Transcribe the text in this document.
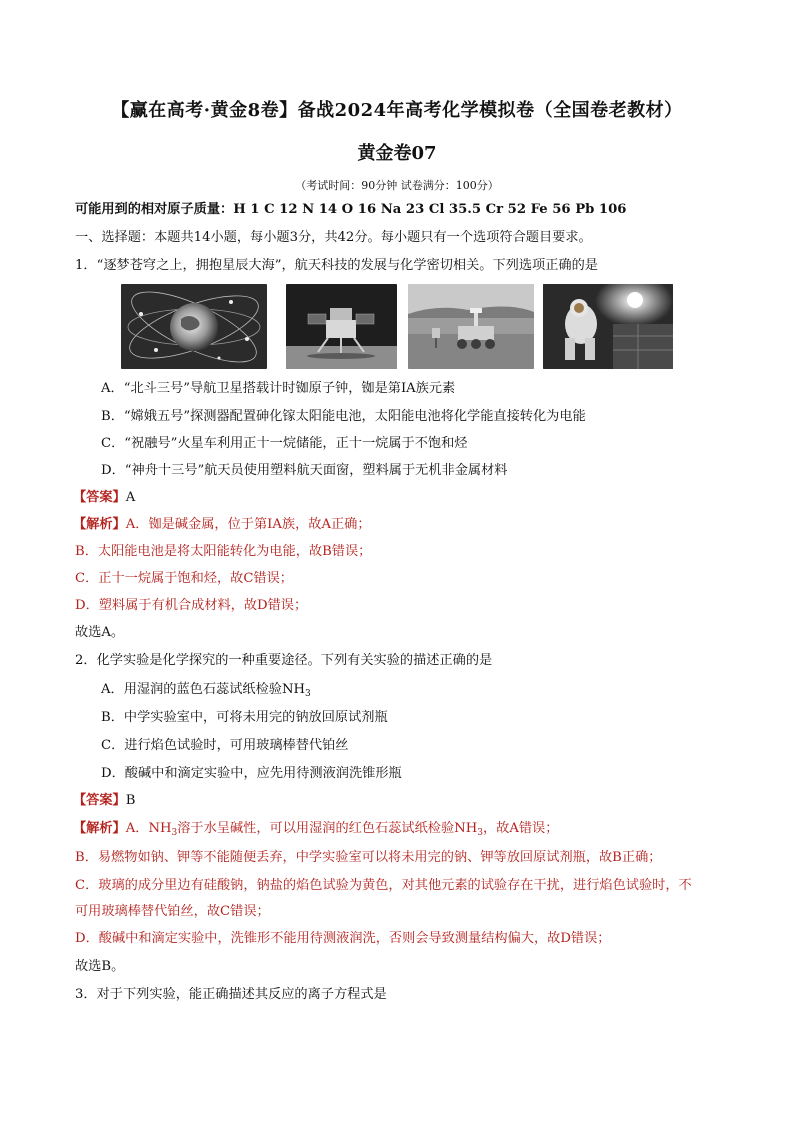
【赢在高考·黄金8卷】备战2024年高考化学模拟卷（全国卷老教材）
黄金卷07
（考试时间：90分钟 试卷满分：100分）
可能用到的相对原子质量：H 1 C 12 N 14 O 16 Na 23 Cl 35.5 Cr 52 Fe 56 Pb 106
一、选择题：本题共14小题，每小题3分，共42分。每小题只有一个选项符合题目要求。
1．“逐梦苍穹之上，拥抱星辰大海”，航天科技的发展与化学密切相关。下列选项正确的是
A．“北斗三号”导航卫星搭载计时铷原子钟，铷是第ⅠA族元素
B．“嫦娥五号”探测器配置砷化镓太阳能电池，太阳能电池将化学能直接转化为电能
C．“祝融号”火星车利用正十一烷储能，正十一烷属于不饱和烃
D．“神舟十三号”航天员使用塑料航天面窗，塑料属于无机非金属材料
【答案】A
【解析】A．铷是碱金属，位于第ⅠA族，故A正确；
B．太阳能电池是将太阳能转化为电能，故B错误；
C．正十一烷属于饱和烃，故C错误；
D．塑料属于有机合成材料，故D错误；
故选A。
2．化学实验是化学探究的一种重要途径。下列有关实验的描述正确的是
A．用湿润的蓝色石蕊试纸检验$NH_3$
B．中学实验室中，可将未用完的钠放回原试剂瓶
C．进行焰色试验时，可用玻璃棒替代铂丝
D．酸碱中和滴定实验中，应先用待测液润洗锥形瓶
【答案】B
【解析】A．$NH_3$溶于水呈碱性，可以用湿润的红色石蕊试纸检验$NH_3$，故A错误；
B．易燃物如钠、钾等不能随便丢弃，中学实验室可以将未用完的钠、钾等放回原试剂瓶，故B正确；
C．玻璃的成分里边有硅酸钠，钠盐的焰色试验为黄色，对其他元素的试验存在干扰，进行焰色试验时，不
可用玻璃棒替代铂丝，故C错误；
D．酸碱中和滴定实验中，洗锥形不能用待测液润洗，否则会导致测量结构偏大，故D错误；
故选B。
3．对于下列实验，能正确描述其反应的离子方程式是
